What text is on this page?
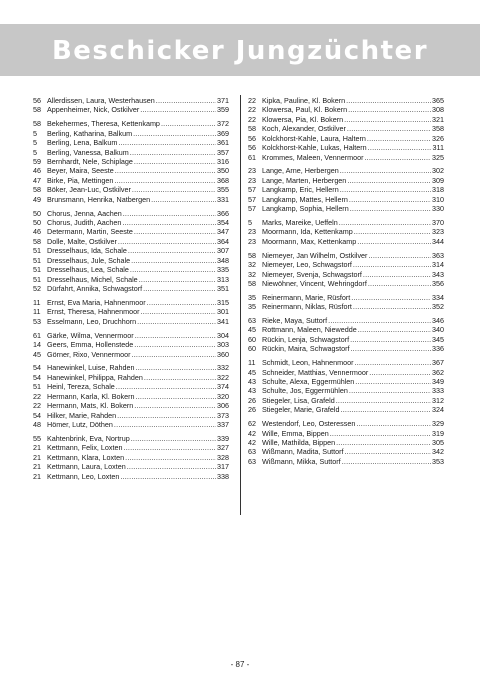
Beschicker Jungzüchter
56 Allerdissen, Laura, Westerhausen .....	371
58 Appenheimer, Nick, Ostkilver .....	359
58 Bekehermes, Theresa, Kettenkamp .....	372
5	Berling, Katharina, Balkum .....	369
5	Berling, Lena, Balkum .....	361
5	Berling, Vanessa, Balkum .....	357
59 Bernhardt, Nele, Schiplage .....	316
46 Beyer, Maira, Seeste .....	350
47 Birke, Pia, Mettingen .....	368
58 Böker, Jean-Luc, Ostkilver .....	355
49 Brunsmann, Henrika, Natbergen .....	331
50 Chorus, Jenna, Aachen .....	366
50 Chorus, Judith, Aachen .....	354
46 Determann, Martin, Seeste .....	347
58 Dolle, Malte, Ostkilver .....	364
51 Dresselhaus, Ida, Schale .....	307
51 Dresselhaus, Jule, Schale .....	348
51 Dresselhaus, Lea, Schale .....	335
51 Dresselhaus, Michel, Schale .....	313
52 Dürfahrt, Annika, Schwagstorf .....	351
11 Ernst, Eva Maria, Hahnenmoor .....	315
11 Ernst, Theresa, Hahnenmoor .....	301
53 Esselmann, Leo, Druchhorn .....	341
61 Gärke, Wilma, Vennermoor .....	304
14 Geers, Emma, Hollenstede .....	303
45 Görner, Rixo, Vennermoor .....	360
54 Hanewinkel, Luise, Rahden .....	332
54 Hanewinkel, Philippa, Rahden .....	322
51 Heinl, Tereza, Schale .....	374
22 Hermann, Karla, Kl. Bokern .....	320
22 Hermann, Mats, Kl. Bokern .....	306
54 Hilker, Marie, Rahden .....	373
48 Hömer, Lutz, Döthen .....	337
55 Kahtenbrink, Eva, Nortrup .....	339
21 Kettmann, Felix, Loxten .....	327
21 Kettmann, Klara, Loxten .....	328
21 Kettmann, Laura, Loxten .....	317
21 Kettmann, Leo, Loxten .....	338
22 Kipka, Pauline, Kl. Bokern .....	365
22 Klowersa, Paul, Kl. Bokern .....	308
22 Klowersa, Pia, Kl. Bokern .....	321
58 Koch, Alexander, Ostkilver .....	358
56 Kolckhorst-Kahle, Laura, Haltern .....	326
56 Kolckhorst-Kahle, Lukas, Haltern .....	311
61 Krommes, Maleen, Vennermoor .....	325
23 Lange, Arne, Herbergen .....	302
23 Lange, Marten, Herbergen .....	309
57 Langkamp, Eric, Hellern .....	318
57 Langkamp, Mattes, Hellern .....	310
57 Langkamp, Sophia, Hellern .....	330
5	Marks, Mareike, Ueffeln .....	370
23 Moormann, Ida, Kettenkamp .....	323
23 Moormann, Max, Kettenkamp .....	344
58 Niemeyer, Jan Wilhelm, Ostkilver .....	363
32 Niemeyer, Leo, Schwagstorf .....	314
32 Niemeyer, Svenja, Schwagstorf .....	343
58 Niewöhner, Vincent, Wehringdorf .....	356
35 Reinermann, Marie, Rüsfort .....	334
35 Reinermann, Niklas, Rüsfort .....	352
63 Rieke, Maya, Suttorf .....	346
45 Rottmann, Maleen, Niewedde .....	340
60 Rückin, Lenja, Schwagstorf .....	345
60 Rückin, Maira, Schwagstorf .....	336
11 Schmidt, Leon, Hahnenmoor .....	367
45 Schneider, Matthias, Vennermoor .....	362
43 Schulte, Alexa, Eggermühlen .....	349
43 Schulte, Jos, Eggermühlen .....	333
26 Stiegeler, Lisa, Grafeld .....	312
26 Stiegeler, Marie, Grafeld .....	324
62 Westendorf, Leo, Osteressen .....	329
42 Wille, Emma, Bippen .....	319
42 Wille, Mathilda, Bippen .....	305
63 Wißmann, Madita, Suttorf .....	342
63 Wißmann, Mikka, Suttorf .....	353
- 87 -
